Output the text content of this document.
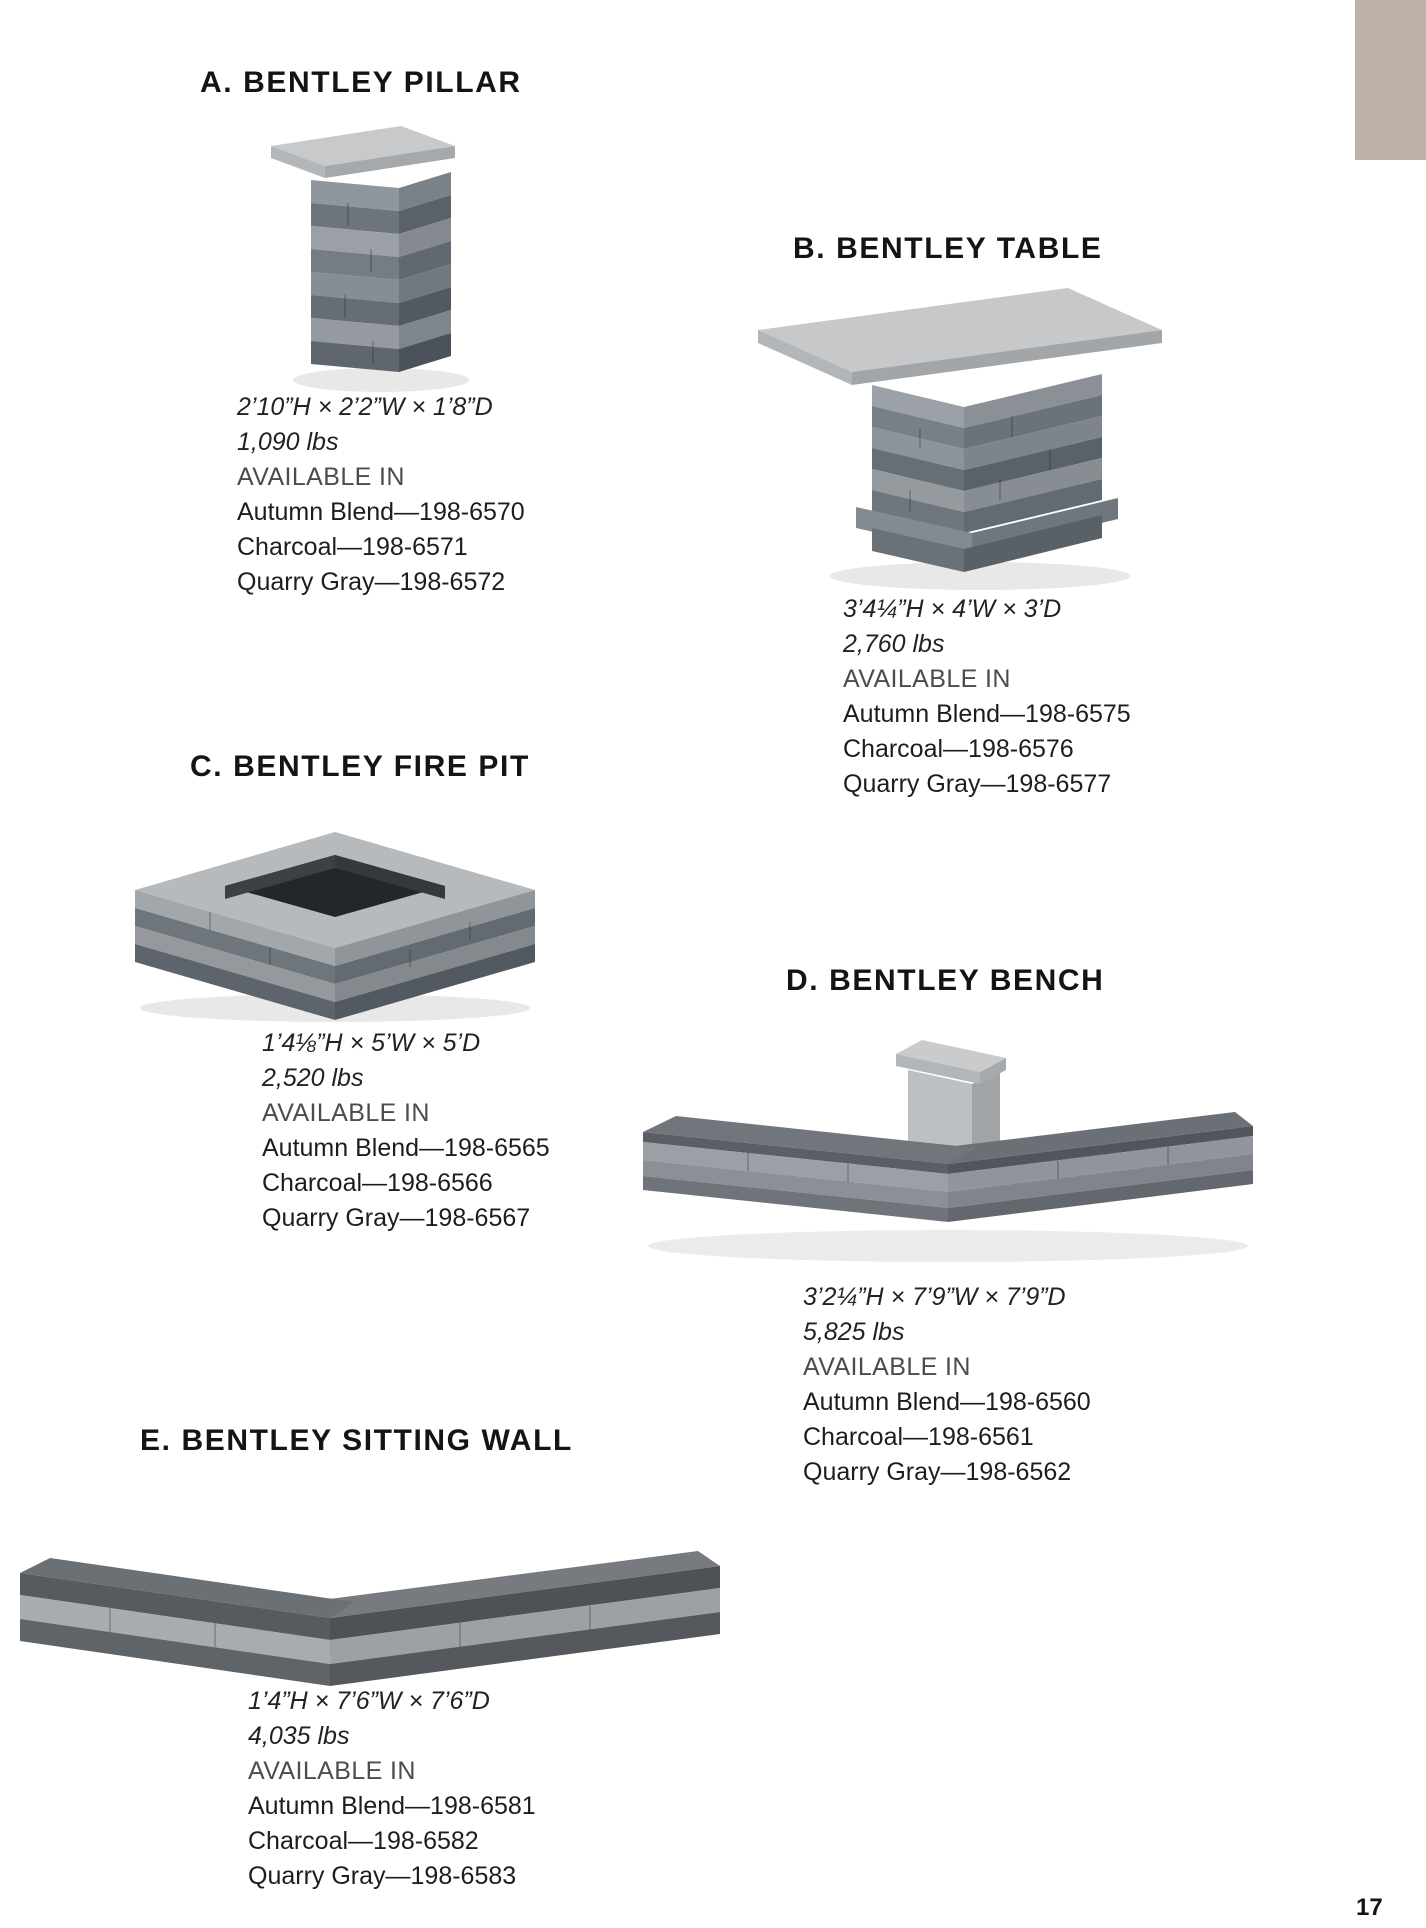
A. BENTLEY PILLAR
2’10”H × 2’2”W × 1’8”D
1,090 lbs
AVAILABLE IN
Autumn Blend—198-6570
Charcoal—198-6571
Quarry Gray—198-6572
B. BENTLEY TABLE
3’4¼”H × 4’W × 3’D
2,760 lbs
AVAILABLE IN
Autumn Blend—198-6575
Charcoal—198-6576
Quarry Gray—198-6577
C. BENTLEY FIRE PIT
1’4⅛”H × 5’W × 5’D
2,520 lbs
AVAILABLE IN
Autumn Blend—198-6565
Charcoal—198-6566
Quarry Gray—198-6567
D. BENTLEY BENCH
3’2¼”H × 7’9”W × 7’9”D
5,825 lbs
AVAILABLE IN
Autumn Blend—198-6560
Charcoal—198-6561
Quarry Gray—198-6562
E. BENTLEY SITTING WALL
1’4”H × 7’6”W × 7’6”D
4,035 lbs
AVAILABLE IN
Autumn Blend—198-6581
Charcoal—198-6582
Quarry Gray—198-6583
17
